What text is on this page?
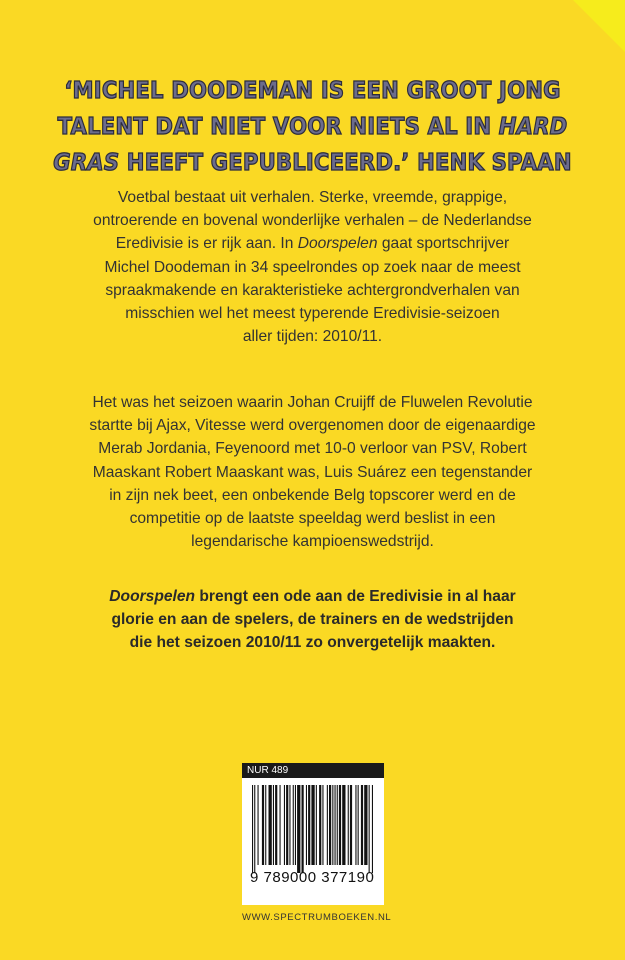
‘MICHEL DOODEMAN IS EEN GROOT JONG
TALENT DAT NIET VOOR NIETS AL IN HARD
GRAS HEEFT GEPUBLICEERD.’ HENK SPAAN
Voetbal bestaat uit verhalen. Sterke, vreemde, grappige,
ontroerende en bovenal wonderlijke verhalen – de Nederlandse
Eredivisie is er rijk aan. In Doorspelen gaat sportschrijver
Michel Doodeman in 34 speelrondes op zoek naar de meest
spraakmakende en karakteristieke achtergrondverhalen van
misschien wel het meest typerende Eredivisie-seizoen
aller tijden: 2010/11.
Het was het seizoen waarin Johan Cruijff de Fluwelen Revolutie
startte bij Ajax, Vitesse werd overgenomen door de eigenaardige
Merab Jordania, Feyenoord met 10-0 verloor van PSV, Robert
Maaskant Robert Maaskant was, Luis Suárez een tegenstander
in zijn nek beet, een onbekende Belg topscorer werd en de
competitie op de laatste speeldag werd beslist in een
legendarische kampioenswedstrijd.
Doorspelen brengt een ode aan de Eredivisie in al haar
glorie en aan de spelers, de trainers en de wedstrijden
die het seizoen 2010/11 zo onvergetelijk maakten.
NUR 489
9 789000 377190
WWW.SPECTRUMBOEKEN.NL
